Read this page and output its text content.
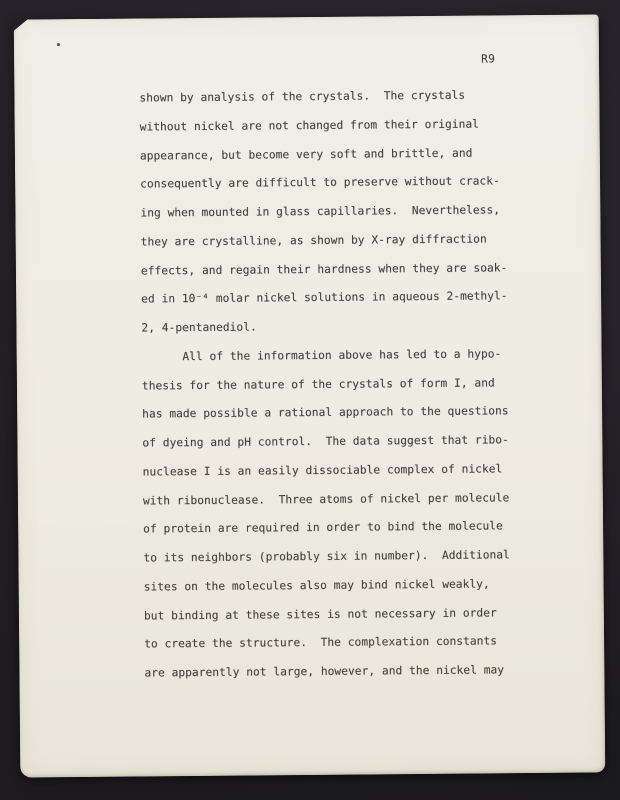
R9
shown by analysis of the crystals.  The crystals
without nickel are not changed from their original
appearance, but become very soft and brittle, and
consequently are difficult to preserve without crack-
ing when mounted in glass capillaries.  Nevertheless,
they are crystalline, as shown by X-ray diffraction
effects, and regain their hardness when they are soak-
ed in 10⁻⁴ molar nickel solutions in aqueous 2-methyl-
2, 4-pentanediol.
All of the information above has led to a hypo-
thesis for the nature of the crystals of form I, and
has made possible a rational approach to the questions
of dyeing and pH control.  The data suggest that ribo-
nuclease I is an easily dissociable complex of nickel
with ribonuclease.  Three atoms of nickel per molecule
of protein are required in order to bind the molecule
to its neighbors (probably six in number).  Additional
sites on the molecules also may bind nickel weakly,
but binding at these sites is not necessary in order
to create the structure.  The complexation constants
are apparently not large, however, and the nickel may
